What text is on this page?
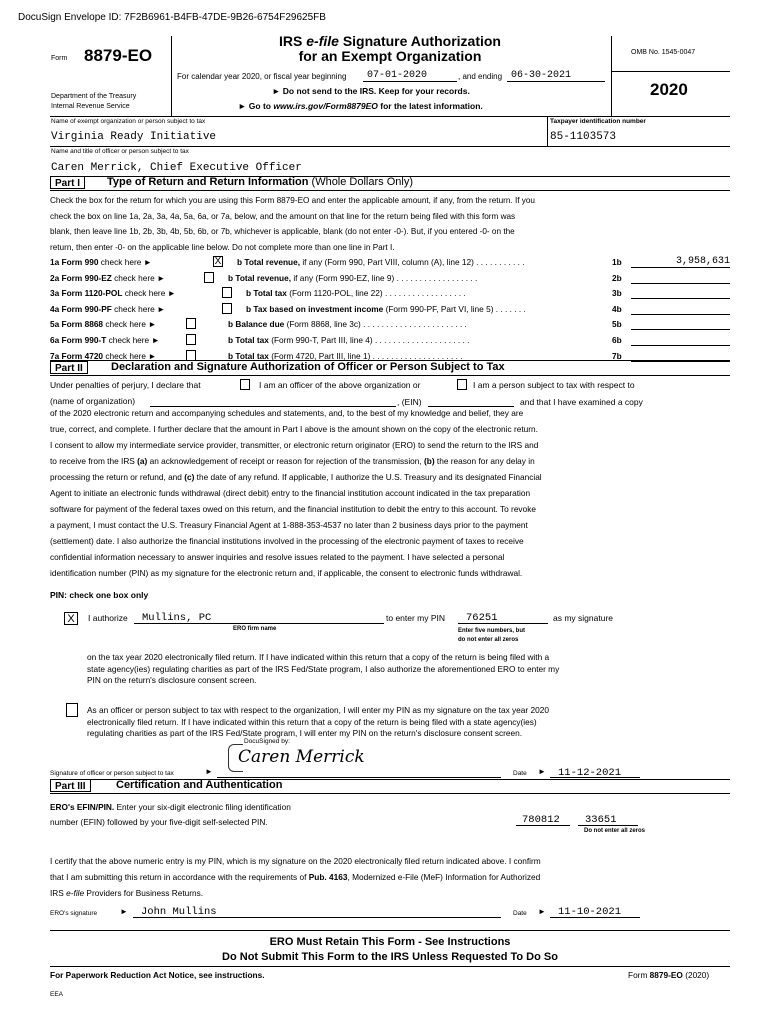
DocuSign Envelope ID: 7F2B6961-B4FB-47DE-9B26-6754F29625FB
Form 8879-EO
Department of the Treasury
Internal Revenue Service
IRS e-file Signature Authorization
for an Exempt Organization
For calendar year 2020, or fiscal year beginning 07-01-2020	, and ending 06-30-2021
► Do not send to the IRS. Keep for your records.
► Go to www.irs.gov/Form8879EO for the latest information.
OMB No. 1545-0047
2020
Name of exempt organization or person subject to tax	Taxpayer identification number
Virginia Ready Initiative	85-1103573
Name and title of officer or person subject to tax
Caren Merrick, Chief Executive Officer
Part I	Type of Return and Return Information (Whole Dollars Only)
Check the box for the return for which you are using this Form 8879-EO and enter the applicable amount, if any, from the return. If you
check the box on line 1a, 2a, 3a, 4a, 5a, 6a, or 7a, below, and the amount on that line for the return being filed with this form was
blank, then leave line 1b, 2b, 3b, 4b, 5b, 6b, or 7b, whichever is applicable, blank (do not enter -0-). But, if you entered -0- on the
return, then enter -0- on the applicable line below. Do not complete more than one line in Part I.
1a Form 990 check here ►	X b Total revenue, if any (Form 990, Part VIII, column (A), line 12) . . . . . . . . . . .	1b	3,958,631
2a Form 990-EZ check here ►	b Total revenue, if any (Form 990-EZ, line 9) . . . . . . . . . . . . . . . . . .	2b
3a Form 1120-POL check here ►	b Total tax (Form 1120-POL, line 22) . . . . . . . . . . . . . . . . . .	3b
4a Form 990-PF check here ►	b Tax based on investment income (Form 990-PF, Part VI, line 5) . . . . . . .	4b
5a Form 8868 check here ►	b Balance due (Form 8868, line 3c) . . . . . . . . . . . . . . . . . . . . . . .	5b
6a Form 990-T check here ►	b Total tax (Form 990-T, Part III, line 4) . . . . . . . . . . . . . . . . . . . . .	6b
7a Form 4720 check here ►	b Total tax (Form 4720, Part III, line 1) . . . . . . . . . . . . . . . . . . . .	7b
Part II	Declaration and Signature Authorization of Officer or Person Subject to Tax
Under penalties of perjury, I declare that	I am an officer of the above organization or	I am a person subject to tax with respect to
(name of organization)	, (EIN)	and that I have examined a copy
of the 2020 electronic return and accompanying schedules and statements, and, to the best of my knowledge and belief, they are
true, correct, and complete. I further declare that the amount in Part I above is the amount shown on the copy of the electronic return.
I consent to allow my intermediate service provider, transmitter, or electronic return originator (ERO) to send the return to the IRS and
to receive from the IRS (a) an acknowledgement of receipt or reason for rejection of the transmission, (b) the reason for any delay in
processing the return or refund, and (c) the date of any refund. If applicable, I authorize the U.S. Treasury and its designated Financial
Agent to initiate an electronic funds withdrawal (direct debit) entry to the financial institution account indicated in the tax preparation
software for payment of the federal taxes owed on this return, and the financial institution to debit the entry to this account. To revoke
a payment, I must contact the U.S. Treasury Financial Agent at 1-888-353-4537 no later than 2 business days prior to the payment
(settlement) date. I also authorize the financial institutions involved in the processing of the electronic payment of taxes to receive
confidential information necessary to answer inquiries and resolve issues related to the payment. I have selected a personal
identification number (PIN) as my signature for the electronic return and, if applicable, the consent to electronic funds withdrawal.
PIN: check one box only
X	I authorize Mullins, PC
ERO firm name
to enter my PIN 76251	as my signature
Enter five numbers, but
do not enter all zeros
on the tax year 2020 electronically filed return. If I have indicated within this return that a copy of the return is being filed with a
state agency(ies) regulating charities as part of the IRS Fed/State program, I also authorize the aforementioned ERO to enter my
PIN on the return's disclosure consent screen.
As an officer or person subject to tax with respect to the organization, I will enter my PIN as my signature on the tax year 2020
electronically filed return. If I have indicated within this return that a copy of the return is being filed with a state agency(ies)
regulating charities as part of the IRS Fed/State program, I will enter my PIN on the return's disclosure consent screen.
DocuSigned by:
Caren Merrick
Signature of officer or person subject to tax	►	Date ► 11-12-2021
Part III	Certification and Authentication
ERO's EFIN/PIN. Enter your six-digit electronic filing identification
number (EFIN) followed by your five-digit self-selected PIN.	780812 33651
Do not enter all zeros
I certify that the above numeric entry is my PIN, which is my signature on the 2020 electronically filed return indicated above. I confirm
that I am submitting this return in accordance with the requirements of Pub. 4163, Modernized e-File (MeF) Information for Authorized
IRS e-file Providers for Business Returns.
ERO's signature	► John Mullins	Date ► 11-10-2021
ERO Must Retain This Form - See Instructions
Do Not Submit This Form to the IRS Unless Requested To Do So
For Paperwork Reduction Act Notice, see instructions.	Form 8879-EO (2020)
EEA
